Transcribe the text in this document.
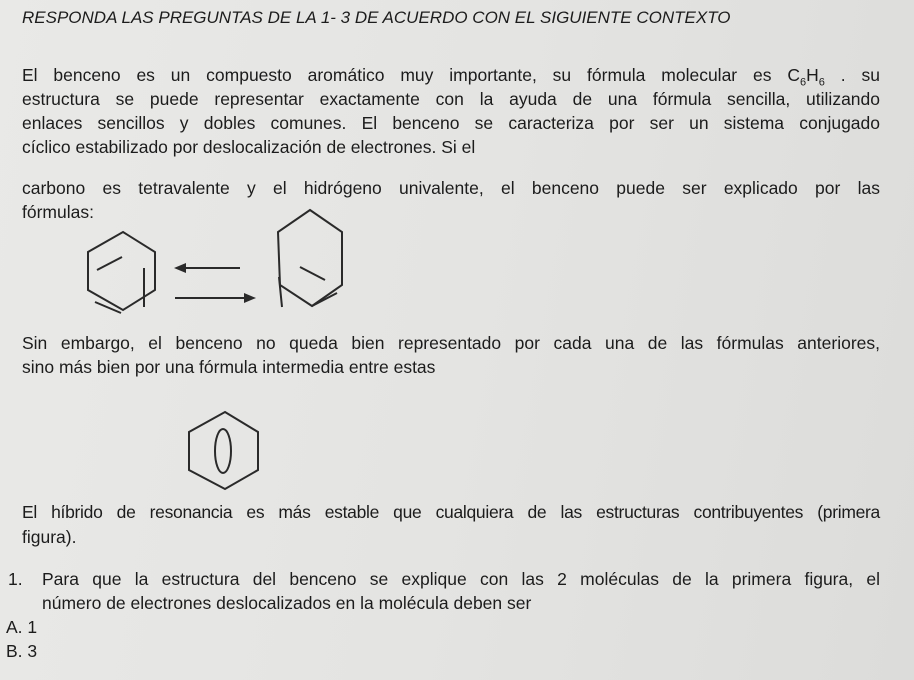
RESPONDA LAS PREGUNTAS DE LA 1- 3 DE ACUERDO CON EL SIGUIENTE CONTEXTO
El benceno es un compuesto aromático muy importante, su fórmula molecular es $C_6H_6$ . su
estructura se puede representar exactamente con la ayuda de una fórmula sencilla, utilizando
enlaces sencillos y dobles comunes. El benceno se caracteriza por ser un sistema conjugado
cíclico estabilizado por deslocalización de electrones. Si el
carbono es tetravalente y el hidrógeno univalente, el benceno puede ser explicado por las
fórmulas:
Sin embargo, el benceno no queda bien representado por cada una de las fórmulas anteriores,
sino más bien por una fórmula intermedia entre estas
El híbrido de resonancia es más estable que cualquiera de las estructuras contribuyentes (primera
figura).
1.	Para que la estructura del benceno se explique con las 2 moléculas de la primera figura, el
número de electrones deslocalizados en la molécula deben ser
A. 1
B. 3
